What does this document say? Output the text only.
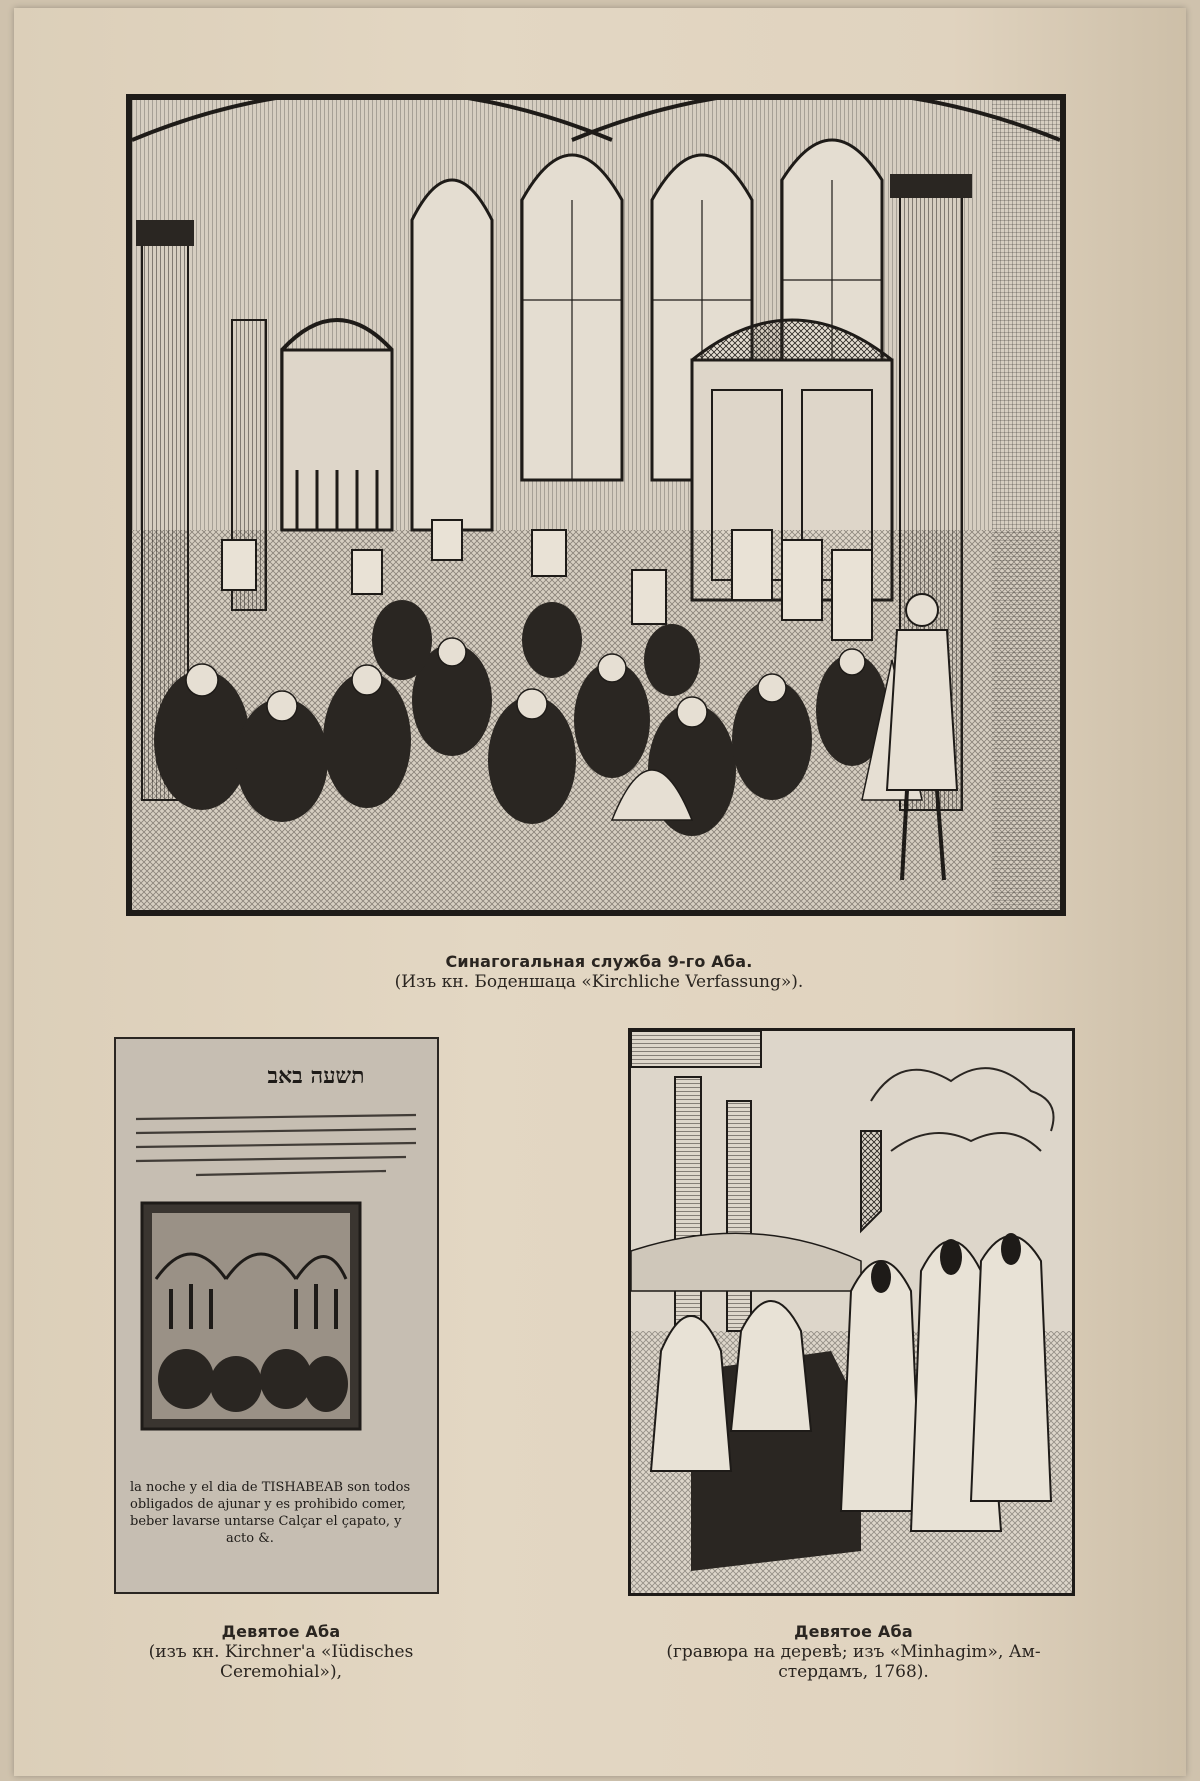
Синагогальная служба 9-го Аба.
(Изъ кн. Боденшаца «Kirchliche Verfassung»).
תשעה באב
la noche y el dia de TISHABEAB son todos
obligados de ajunar y es prohibido comer,
beber lavarse untarse Calçar el çapato, y
acto &.
Девятое Аба
(изъ кн. Kirchner'a «Iüdisches
Ceremohial»),
Девятое Аба
(гравюра на деревѣ; изъ «Minhagim», Ам-
стердамъ, 1768).
